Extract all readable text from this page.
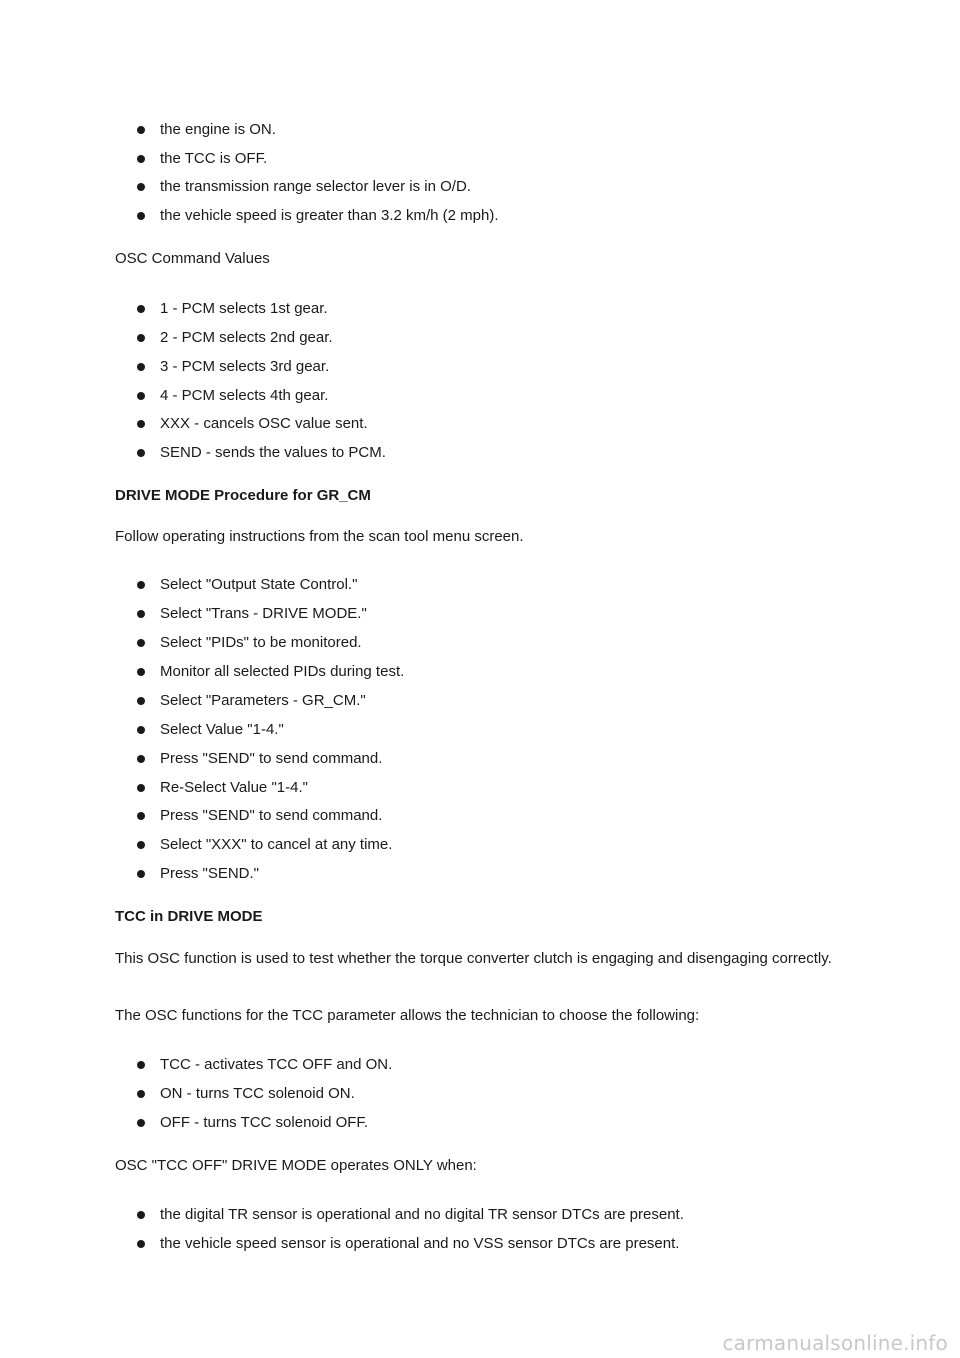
the engine is ON.
the TCC is OFF.
the transmission range selector lever is in O/D.
the vehicle speed is greater than 3.2 km/h (2 mph).
OSC Command Values
1 - PCM selects 1st gear.
2 - PCM selects 2nd gear.
3 - PCM selects 3rd gear.
4 - PCM selects 4th gear.
XXX - cancels OSC value sent.
SEND - sends the values to PCM.
DRIVE MODE Procedure for GR_CM
Follow operating instructions from the scan tool menu screen.
Select "Output State Control."
Select "Trans - DRIVE MODE."
Select "PIDs" to be monitored.
Monitor all selected PIDs during test.
Select "Parameters - GR_CM."
Select Value "1-4."
Press "SEND" to send command.
Re-Select Value "1-4."
Press "SEND" to send command.
Select "XXX" to cancel at any time.
Press "SEND."
TCC in DRIVE MODE
This OSC function is used to test whether the torque converter clutch is engaging and disengaging correctly.
The OSC functions for the TCC parameter allows the technician to choose the following:
TCC - activates TCC OFF and ON.
ON - turns TCC solenoid ON.
OFF - turns TCC solenoid OFF.
OSC "TCC OFF" DRIVE MODE operates ONLY when:
the digital TR sensor is operational and no digital TR sensor DTCs are present.
the vehicle speed sensor is operational and no VSS sensor DTCs are present.
carmanualsonline.info
